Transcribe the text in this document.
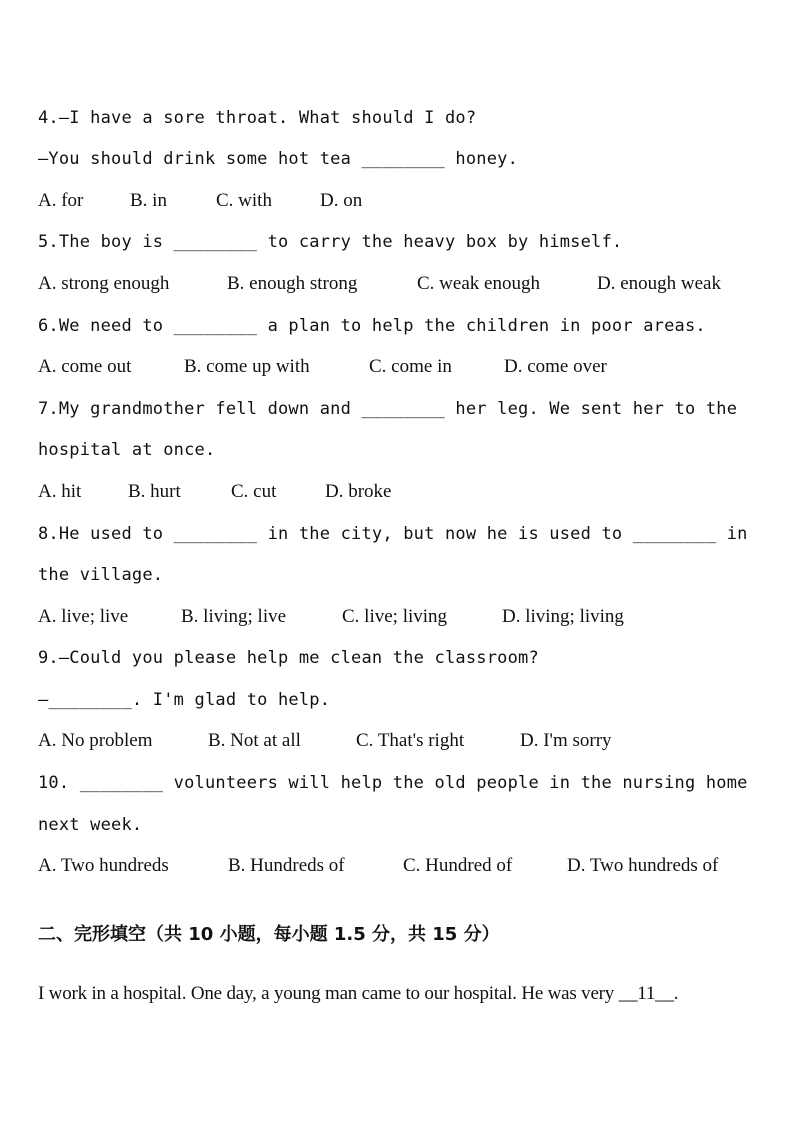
4.—I have a sore throat. What should I do?
—You should drink some hot tea ________ honey.

A. for

B. in

	C. with

	D. on

5.The boy is ________ to carry the heavy box by himself.

A. strong enough

	B. enough strong

	C. weak enough

	D. enough weak

6.We need to ________ a plan to help the children in poor areas.

A. come out

	B. come up with

	C. come in

	D. come over

7.My grandmother fell down and ________ her leg. We sent her to the
hospital at once.

A. hit

B. hurt

	C. cut

	D. broke

8.He used to ________ in the city, but now he is used to ________ in
the village.

A. live; live

	B. living; live

	C. live; living

	D. living; living

9.—Could you please help me clean the classroom?
—________. I'm glad to help.

A. No problem

	B. Not at all

	C. That's right

	D. I'm sorry

10. ________ volunteers will help the old people in the nursing home
next week.

A. Two hundreds

	B. Hundreds of

	C. Hundred of

	D. Two hundreds of

二、完形填空（共 10 小题，每小题 1.5 分，共 15 分）
I work in a hospital. One day, a young man came to our hospital. He was very __11__.
